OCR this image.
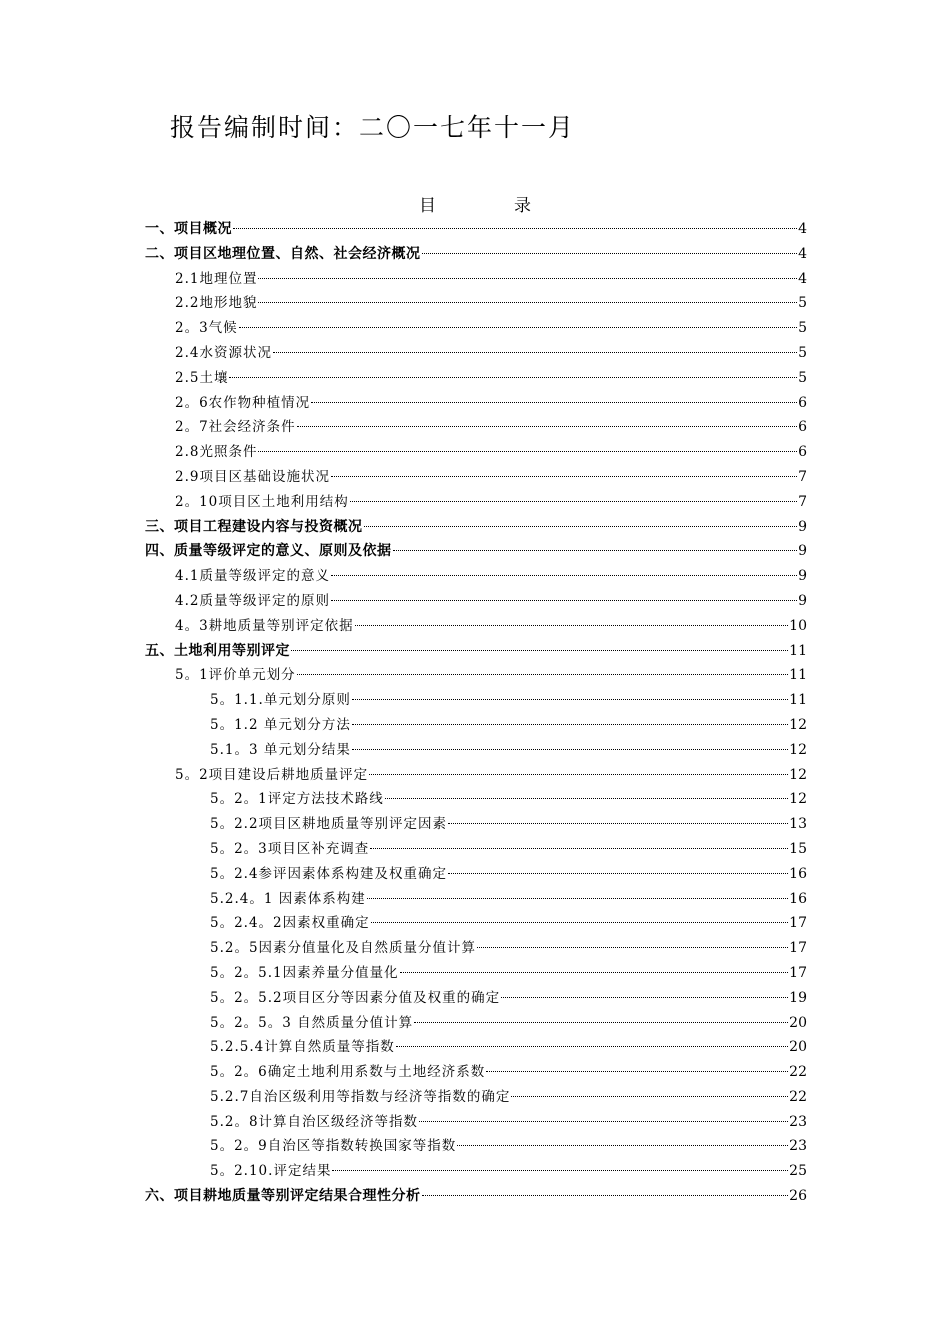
报告编制时间：二〇一七年十一月
目录
一、项目概况	4
二、项目区地理位置、自然、社会经济概况	4
2.1地理位置	4
2.2地形地貌	5
2。3气候	5
2.4水资源状况	5
2.5土壤	5
2。6农作物种植情况	6
2。7社会经济条件	6
2.8光照条件	6
2.9项目区基础设施状况	7
2。10项目区土地利用结构	7
三、项目工程建设内容与投资概况	9
四、质量等级评定的意义、原则及依据	9
4.1质量等级评定的意义	9
4.2质量等级评定的原则	9
4。3耕地质量等别评定依据	10
五、土地利用等别评定	11
5。1评价单元划分	11
5。1.1.单元划分原则	11
5。1.2 单元划分方法	12
5.1。3 单元划分结果	12
5。2项目建设后耕地质量评定	12
5。2。1评定方法技术路线	12
5。2.2项目区耕地质量等别评定因素	13
5。2。3项目区补充调查	15
5。2.4参评因素体系构建及权重确定	16
5.2.4。1 因素体系构建	16
5。2.4。2因素权重确定	17
5.2。5因素分值量化及自然质量分值计算	17
5。2。5.1因素养量分值量化	17
5。2。5.2项目区分等因素分值及权重的确定	19
5。2。5。3 自然质量分值计算	20
5.2.5.4计算自然质量等指数	20
5。2。6确定土地利用系数与土地经济系数	22
5.2.7自治区级利用等指数与经济等指数的确定	22
5.2。8计算自治区级经济等指数	23
5。2。9自治区等指数转换国家等指数	23
5。2.10.评定结果	25
六、项目耕地质量等别评定结果合理性分析	26
